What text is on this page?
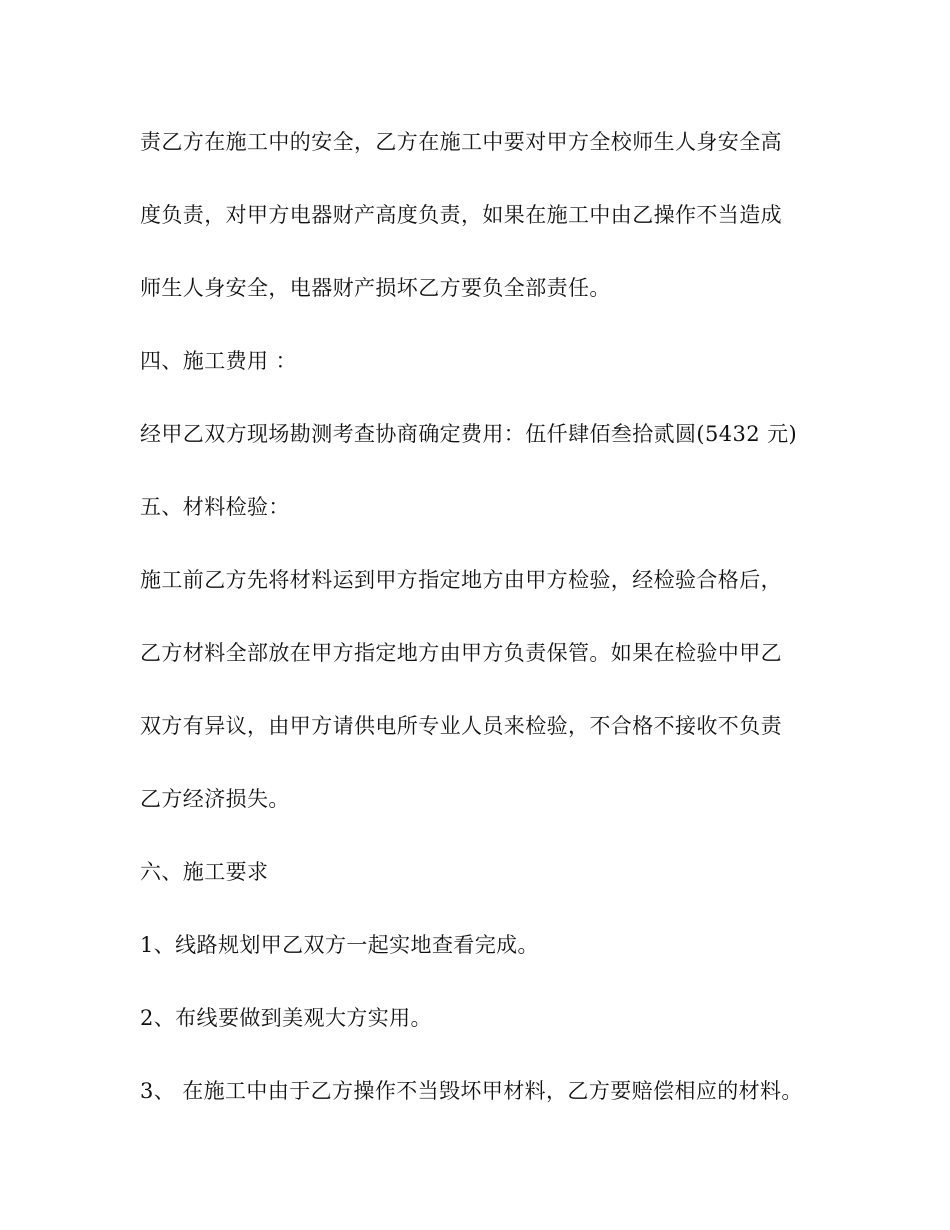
责乙方在施工中的安全，乙方在施工中要对甲方全校师生人身安全高
度负责，对甲方电器财产高度负责，如果在施工中由乙操作不当造成
师生人身安全，电器财产损坏乙方要负全部责任。
四、施工费用 ：
经甲乙双方现场勘测考查协商确定费用：伍仟肆佰叁拾贰圆(5432 元)
五、材料检验：
施工前乙方先将材料运到甲方指定地方由甲方检验，经检验合格后，
乙方材料全部放在甲方指定地方由甲方负责保管。如果在检验中甲乙
双方有异议，由甲方请供电所专业人员来检验，不合格不接收不负责
乙方经济损失。
六、施工要求
1、线路规划甲乙双方一起实地查看完成。
2、布线要做到美观大方实用。
3、 在施工中由于乙方操作不当毁坏甲材料，乙方要赔偿相应的材料。
